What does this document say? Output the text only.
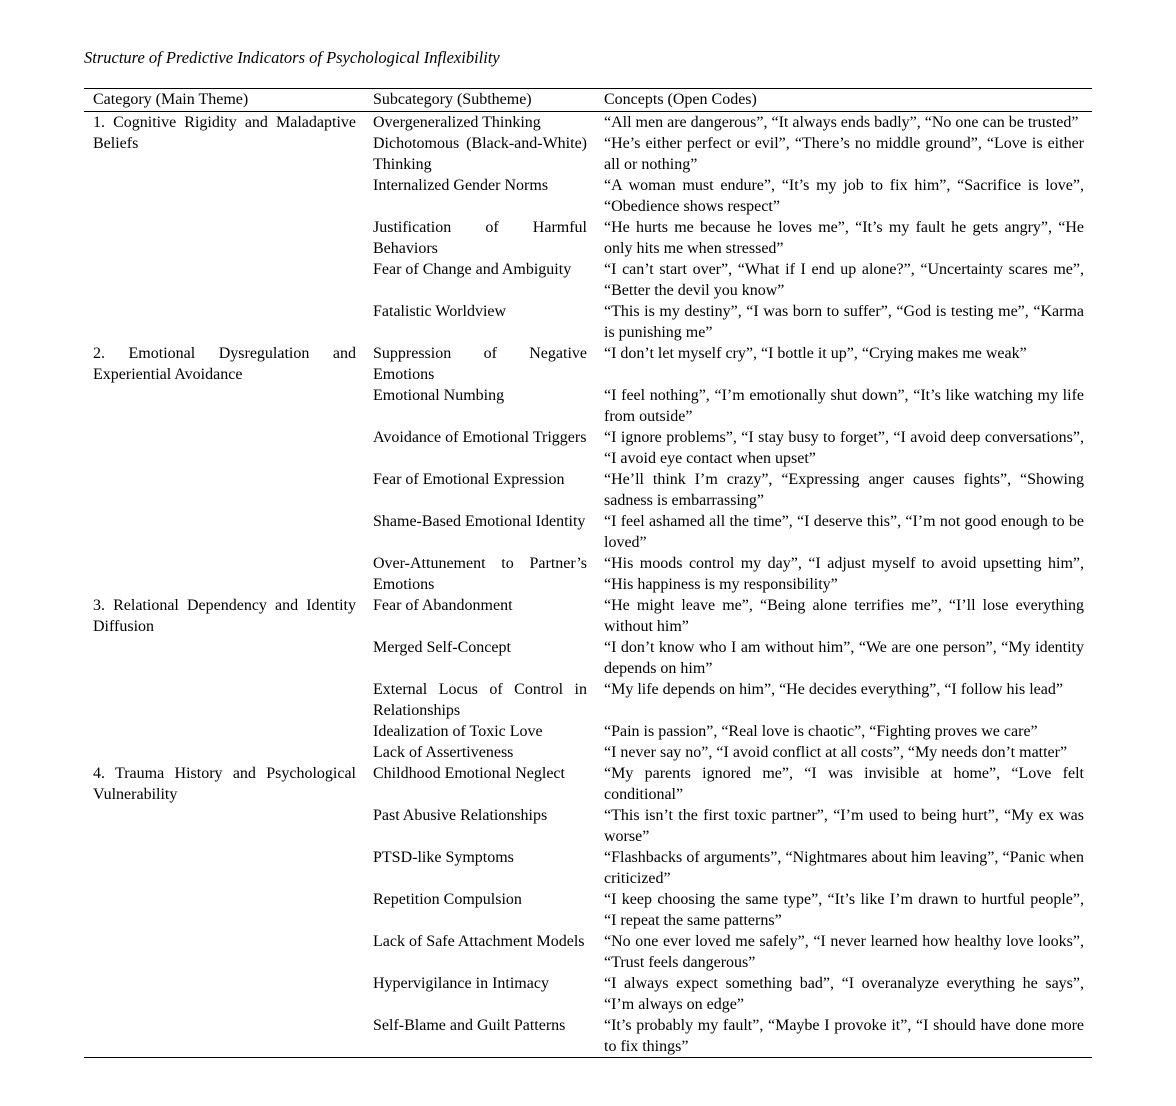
Structure of Predictive Indicators of Psychological Inflexibility
Category (Main Theme)	Subcategory (Subtheme)	Concepts (Open Codes)
1. Cognitive Rigidity and Maladaptive Beliefs	Overgeneralized Thinking	“All men are dangerous”, “It always ends badly”, “No one can be trusted”
	Dichotomous (Black-and-White) Thinking	“He’s either perfect or evil”, “There’s no middle ground”, “Love is either all or nothing”
	Internalized Gender Norms	“A woman must endure”, “It’s my job to fix him”, “Sacrifice is love”, “Obedience shows respect”
	Justification of Harmful Behaviors	“He hurts me because he loves me”, “It’s my fault he gets angry”, “He only hits me when stressed”
	Fear of Change and Ambiguity	“I can’t start over”, “What if I end up alone?”, “Uncertainty scares me”, “Better the devil you know”
	Fatalistic Worldview	“This is my destiny”, “I was born to suffer”, “God is testing me”, “Karma is punishing me”
2. Emotional Dysregulation and Experiential Avoidance	Suppression of Negative Emotions	“I don’t let myself cry”, “I bottle it up”, “Crying makes me weak”
	Emotional Numbing	“I feel nothing”, “I’m emotionally shut down”, “It’s like watching my life from outside”
	Avoidance of Emotional Triggers	“I ignore problems”, “I stay busy to forget”, “I avoid deep conversations”, “I avoid eye contact when upset”
	Fear of Emotional Expression	“He’ll think I’m crazy”, “Expressing anger causes fights”, “Showing sadness is embarrassing”
	Shame-Based Emotional Identity	“I feel ashamed all the time”, “I deserve this”, “I’m not good enough to be loved”
	Over-Attunement to Partner’s Emotions	“His moods control my day”, “I adjust myself to avoid upsetting him”, “His happiness is my responsibility”
3. Relational Dependency and Identity Diffusion	Fear of Abandonment	“He might leave me”, “Being alone terrifies me”, “I’ll lose everything without him”
	Merged Self-Concept	“I don’t know who I am without him”, “We are one person”, “My identity depends on him”
	External Locus of Control in Relationships	“My life depends on him”, “He decides everything”, “I follow his lead”
	Idealization of Toxic Love	“Pain is passion”, “Real love is chaotic”, “Fighting proves we care”
	Lack of Assertiveness	“I never say no”, “I avoid conflict at all costs”, “My needs don’t matter”
4. Trauma History and Psychological Vulnerability	Childhood Emotional Neglect	“My parents ignored me”, “I was invisible at home”, “Love felt conditional”
	Past Abusive Relationships	“This isn’t the first toxic partner”, “I’m used to being hurt”, “My ex was worse”
	PTSD-like Symptoms	“Flashbacks of arguments”, “Nightmares about him leaving”, “Panic when criticized”
	Repetition Compulsion	“I keep choosing the same type”, “It’s like I’m drawn to hurtful people”, “I repeat the same patterns”
	Lack of Safe Attachment Models	“No one ever loved me safely”, “I never learned how healthy love looks”, “Trust feels dangerous”
	Hypervigilance in Intimacy	“I always expect something bad”, “I overanalyze everything he says”, “I’m always on edge”
	Self-Blame and Guilt Patterns	“It’s probably my fault”, “Maybe I provoke it”, “I should have done more to fix things”
